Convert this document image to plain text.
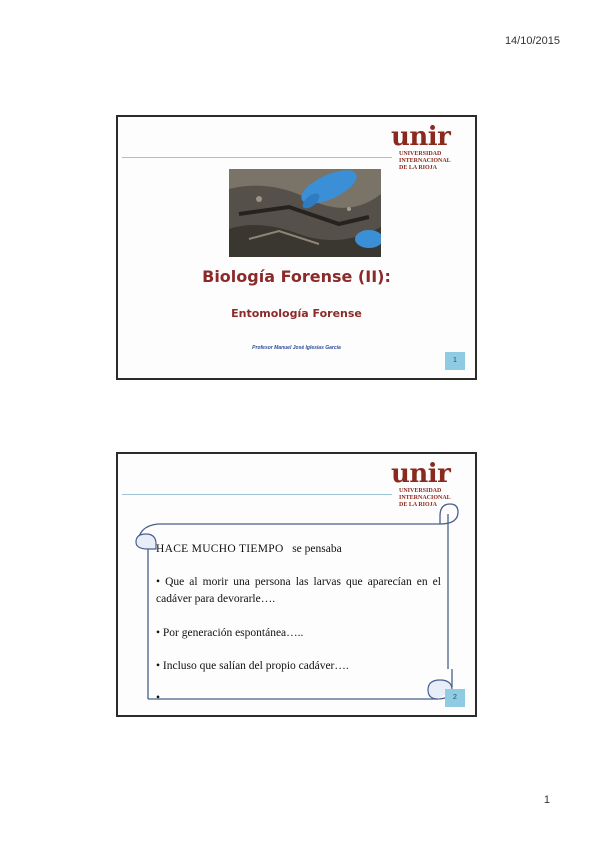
14/10/2015
unir
UNIVERSIDAD
INTERNACIONAL
DE LA RIOJA
Biología Forense (II):
Entomología Forense
Profesor Manuel José Iglesias García
1
unir
UNIVERSIDAD
INTERNACIONAL
DE LA RIOJA
HACE MUCHO TIEMPO se pensaba
• Que al morir una persona las larvas que aparecían en el cadáver para devorarle….
• Por generación espontánea…..
• Incluso que salían del propio cadáver….
•	2
1
